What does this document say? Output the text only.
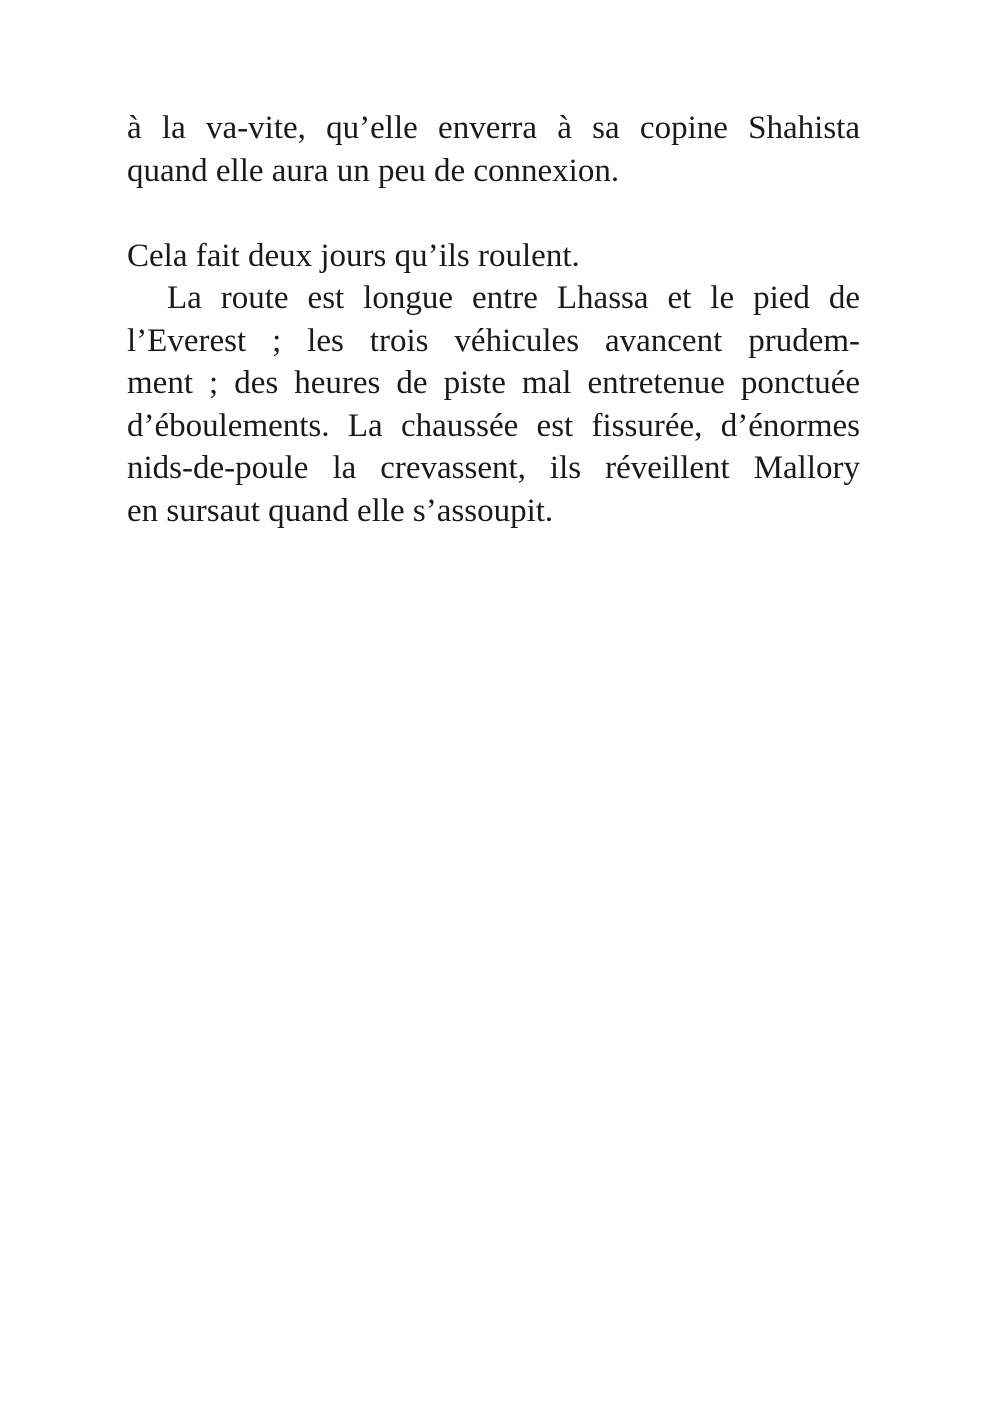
à la va-vite, qu’elle enverra à sa copine Shahista
quand elle aura un peu de connexion.
Cela fait deux jours qu’ils roulent.
La route est longue entre Lhassa et le pied de
l’Everest ; les trois véhicules avancent prudem-
ment ; des heures de piste mal entretenue ponctuée
d’éboulements. La chaussée est fissurée, d’énormes
nids-de-poule la crevassent, ils réveillent Mallory
en sursaut quand elle s’assoupit.
